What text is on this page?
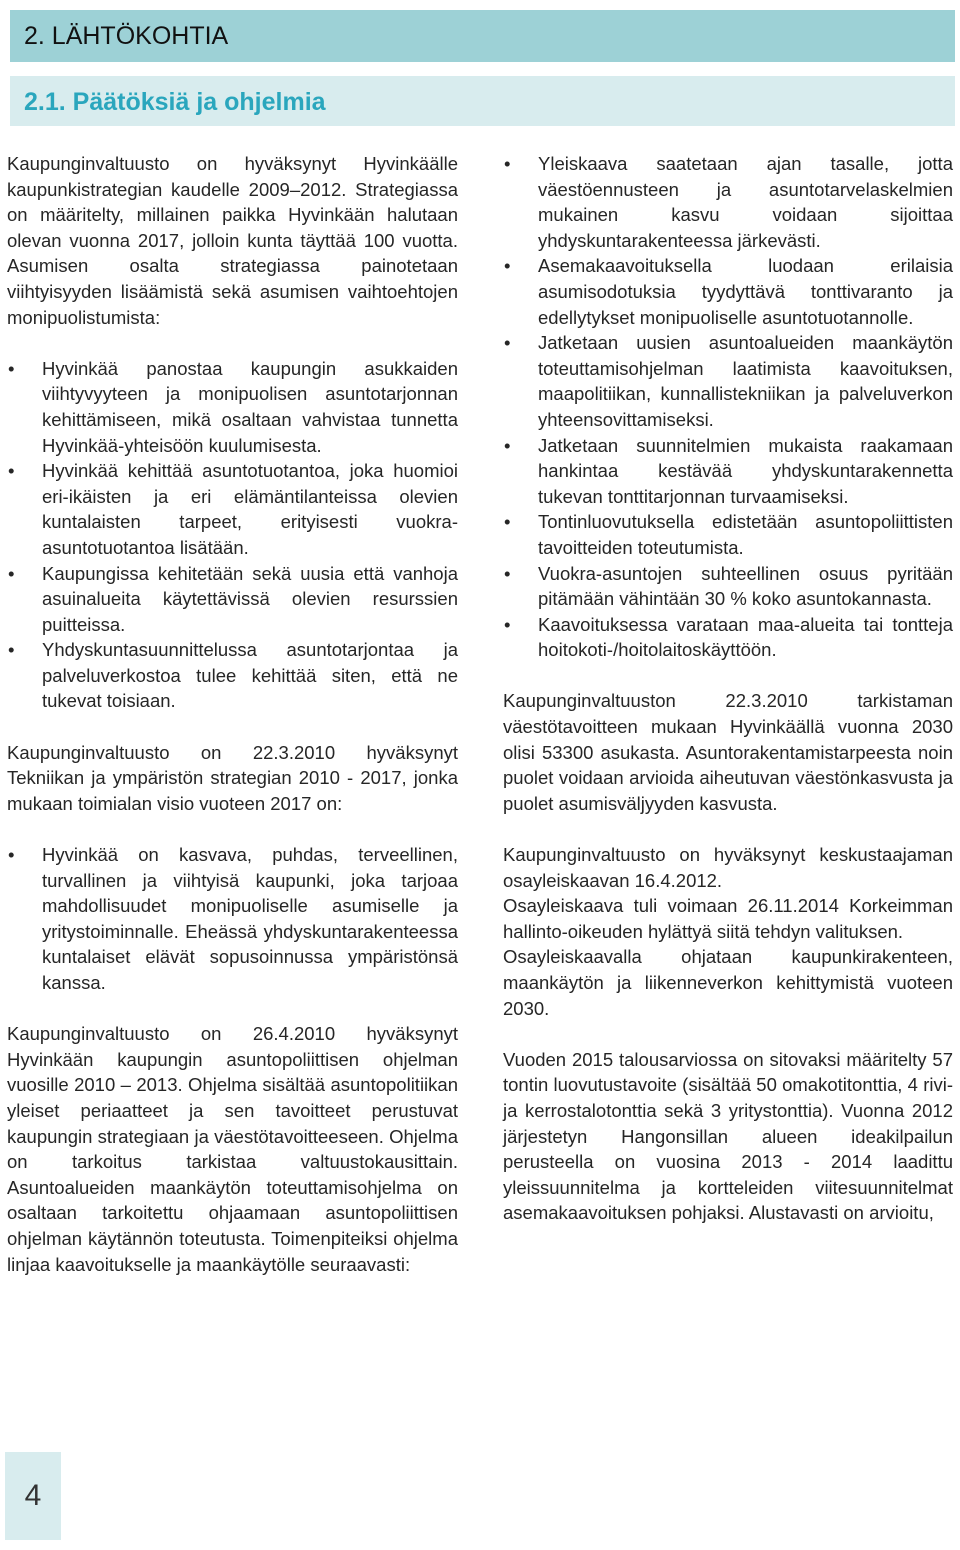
2. LÄHTÖKOHTIA
2.1. Päätöksiä ja ohjelmia

Kaupunginvaltuusto on hyväksynyt Hyvinkäälle kaupunkistrategian kaudelle 2009–2012. Strategiassa on määritelty, millainen paikka Hyvinkään halutaan olevan vuonna 2017, jolloin kunta täyttää 100 vuotta. Asumisen osalta strategiassa painotetaan viihtyisyyden lisäämistä sekä asumisen vaihtoehtojen monipuolistumista:

• Hyvinkää panostaa kaupungin asukkaiden viihtyvyyteen ja monipuolisen asuntotarjonnan kehittämiseen, mikä osaltaan vahvistaa tunnetta Hyvinkää-yhteisöön kuulumisesta.
• Hyvinkää kehittää asuntotuotantoa, joka huomioi eri-ikäisten ja eri elämäntilanteissa olevien kuntalaisten tarpeet, erityisesti vuokra-asuntotuotantoa lisätään.
• Kaupungissa kehitetään sekä uusia että vanhoja asuinalueita käytettävissä olevien resurssien puitteissa.
• Yhdyskuntasuunnittelussa asuntotarjontaa ja palveluverkostoa tulee kehittää siten, että ne tukevat toisiaan.

Kaupunginvaltuusto on 22.3.2010 hyväksynyt Tekniikan ja ympäristön strategian 2010 - 2017, jonka mukaan toimialan visio vuoteen 2017 on:

• Hyvinkää on kasvava, puhdas, terveellinen, turvallinen ja viihtyisä kaupunki, joka tarjoaa mahdollisuudet monipuoliselle asumiselle ja yritystoiminnalle. Eheässä yhdyskuntarakenteessa kuntalaiset elävät sopusoinnussa ympäristönsä kanssa.

Kaupunginvaltuusto on 26.4.2010 hyväksynyt Hyvinkään kaupungin asuntopoliittisen ohjelman vuosille 2010 – 2013. Ohjelma sisältää asuntopolitiikan yleiset periaatteet ja sen tavoitteet perustuvat kaupungin strategiaan ja väestötavoitteeseen. Ohjelma on tarkoitus tarkistaa valtuustokausittain. Asuntoalueiden maankäytön toteuttamisohjelma on osaltaan tarkoitettu ohjaamaan asuntopoliittisen ohjelman käytännön toteutusta. Toimenpiteiksi ohjelma linjaa kaavoitukselle ja maankäytölle seuraavasti:

• Yleiskaava saatetaan ajan tasalle, jotta väestöennusteen ja asuntotarvelaskelmien mukainen kasvu voidaan sijoittaa yhdyskuntarakenteessa järkevästi.
• Asemakaavoituksella luodaan erilaisia asumisodotuksia tyydyttävä tonttivaranto ja edellytykset monipuoliselle asuntotuotannolle.
• Jatketaan uusien asuntoalueiden maankäytön toteuttamisohjelman laatimista kaavoituksen, maapolitiikan, kunnallistekniikan ja palveluverkon yhteensovittamiseksi.
• Jatketaan suunnitelmien mukaista raakamaan hankintaa kestävää yhdyskuntarakennetta tukevan tonttitarjonnan turvaamiseksi.
• Tontinluovutuksella edistetään asuntopoliittisten tavoitteiden toteutumista.
• Vuokra-asuntojen suhteellinen osuus pyritään pitämään vähintään 30 % koko asuntokannasta.
• Kaavoituksessa varataan maa-alueita tai tontteja hoitokoti-/hoitolaitoskäyttöön.

Kaupunginvaltuuston 22.3.2010 tarkistaman väestötavoitteen mukaan Hyvinkäällä vuonna 2030 olisi 53300 asukasta. Asuntorakentamistarpeesta noin puolet voidaan arvioida aiheutuvan väestönkasvusta ja puolet asumisväljyyden kasvusta.

Kaupunginvaltuusto on hyväksynyt keskustaajaman osayleiskaavan 16.4.2012.

Osayleiskaava tuli voimaan 26.11.2014 Korkeimman hallinto-oikeuden hylättyä siitä tehdyn valituksen.

Osayleiskaavalla ohjataan kaupunkirakenteen, maankäytön ja liikenneverkon kehittymistä vuoteen 2030.

Vuoden 2015 talousarviossa on sitovaksi määritelty 57 tontin luovutustavoite (sisältää 50 omakotitonttia, 4 rivi- ja kerrostalotonttia sekä 3 yritystonttia). Vuonna 2012 järjestetyn Hangonsillan alueen ideakilpailun perusteella on vuosina 2013 - 2014 laadittu yleissuunnitelma ja kortteleiden viitesuunnitelmat asemakaavoituksen pohjaksi. Alustavasti on arvioitu,

4
